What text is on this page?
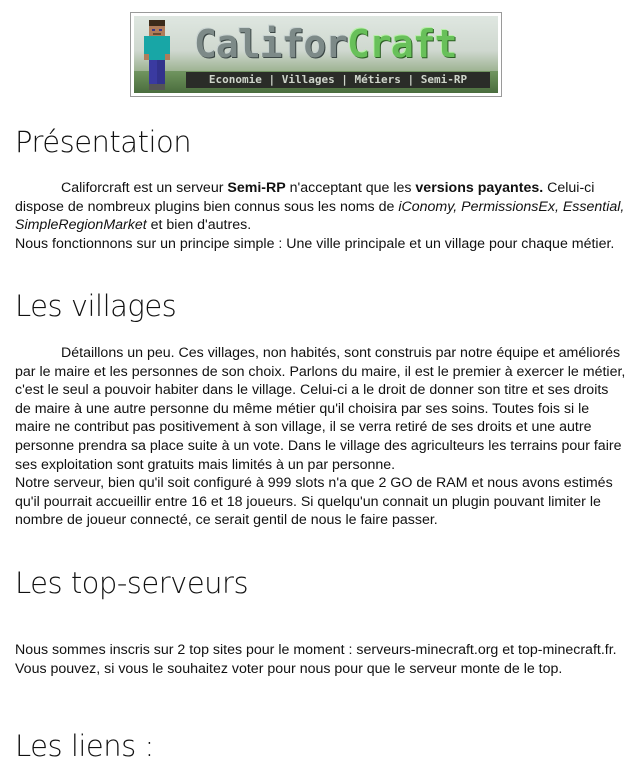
CaliforCraft
Economie | Villages | Métiers | Semi-RP
Présentation

Califorcraft est un serveur Semi-RP n'acceptant que les versions payantes. Celui-ci dispose de nombreux plugins bien connus sous les noms de iConomy, PermissionsEx, Essential, SimpleRegionMarket et bien d'autres.
Nous fonctionnons sur un principe simple : Une ville principale et un village pour chaque métier.

Les villages

Détaillons un peu. Ces villages, non habités, sont construis par notre équipe et améliorés par le maire et les personnes de son choix. Parlons du maire, il est le premier à exercer le métier, c'est le seul a pouvoir habiter dans le village. Celui-ci a le droit de donner son titre et ses droits de maire à une autre personne du même métier qu'il choisira par ses soins. Toutes fois si le maire ne contribut pas positivement à son village, il se verra retiré de ses droits et une autre personne prendra sa place suite à un vote. Dans le village des agriculteurs les terrains pour faire ses exploitation sont gratuits mais limités à un par personne.
Notre serveur, bien qu'il soit configuré à 999 slots n'a que 2 GO de RAM et nous avons estimés qu'il pourrait accueillir entre 16 et 18 joueurs. Si quelqu'un connait un plugin pouvant limiter le nombre de joueur connecté, ce serait gentil de nous le faire passer.

Les top-serveurs

Nous sommes inscris sur 2 top sites pour le moment : serveurs-minecraft.org et top-minecraft.fr. Vous pouvez, si vous le souhaitez voter pour nous pour que le serveur monte de le top.

Les liens :
